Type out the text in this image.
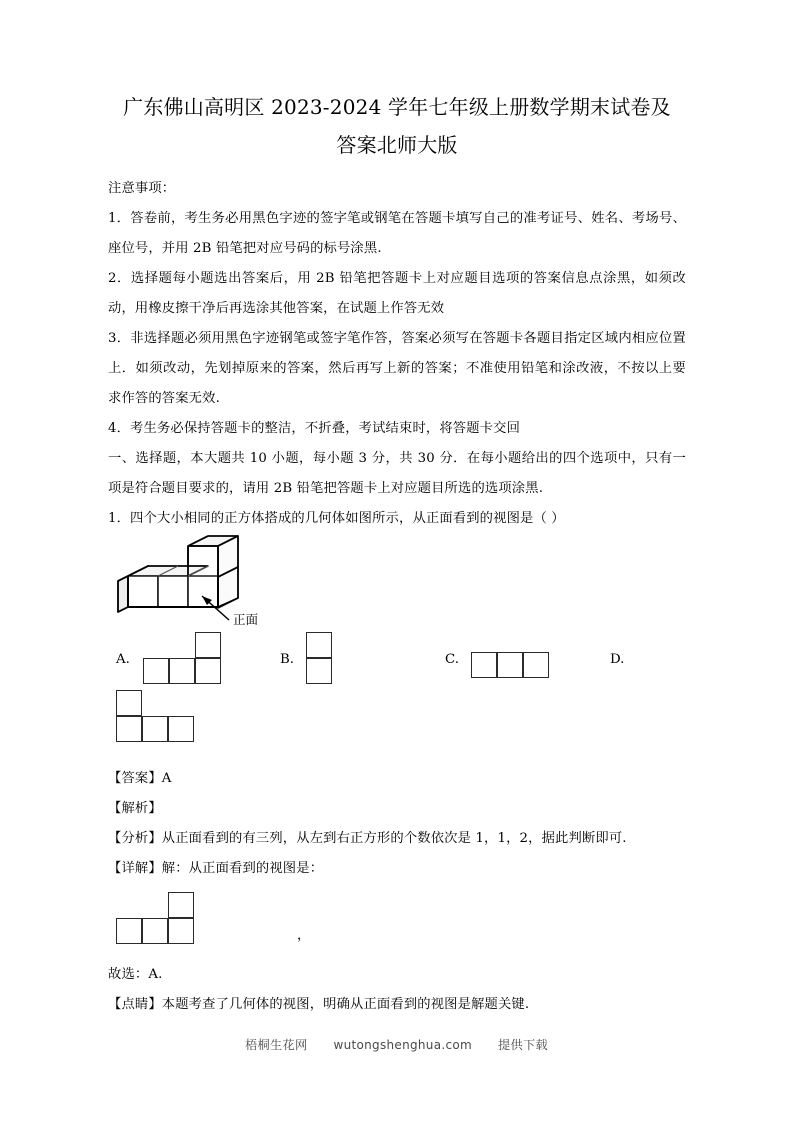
广东佛山高明区 2023-2024 学年七年级上册数学期末试卷及答案北师大版

注意事项：

1．答卷前，考生务必用黑色字迹的签字笔或钢笔在答题卡填写自己的准考证号、姓名、考场号、座位号，并用 2B 铅笔把对应号码的标号涂黑.

2．选择题每小题选出答案后，用 2B 铅笔把答题卡上对应题目选项的答案信息点涂黑，如须改动，用橡皮擦干净后再选涂其他答案，在试题上作答无效

3．非选择题必须用黑色字迹钢笔或签字笔作答，答案必须写在答题卡各题目指定区域内相应位置上．如须改动，先划掉原来的答案，然后再写上新的答案；不准使用铅笔和涂改液，不按以上要求作答的答案无效.

4．考生务必保持答题卡的整洁，不折叠，考试结束时，将答题卡交回

一、选择题，本大题共 10 小题，每小题 3 分，共 30 分．在每小题给出的四个选项中，只有一项是符合题目要求的，请用 2B 铅笔把答题卡上对应题目所选的选项涂黑.

1．四个大小相同的正方体搭成的几何体如图所示，从正面看到的视图是（ ）

正面
A.	B.	C.	D.

【答案】A

【解析】

【分析】从正面看到的有三列，从左到右正方形的个数依次是 1，1，2，据此判断即可.

【详解】解：从正面看到的视图是：

，

故选：A.

【点睛】本题考查了几何体的视图，明确从正面看到的视图是解题关键.

梧桐生花网 wutongshenghua.com 提供下载
